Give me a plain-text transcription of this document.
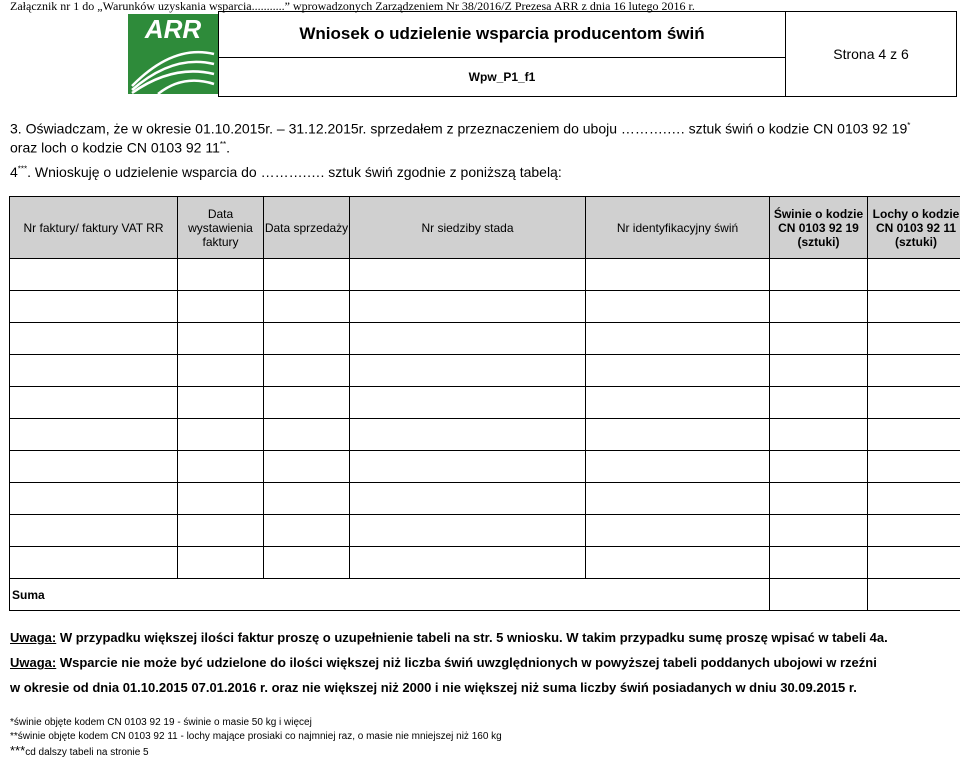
Załącznik nr 1 do „Warunków uzyskania wsparcia...........” wprowadzonych Zarządzeniem Nr 38/2016/Z Prezesa ARR z dnia 16 lutego 2016 r.
ARR	Wniosek o udzielenie wsparcia producentom świń
Wpw_P1_f1
Strona 4 z 6
3. Oświadczam, że w okresie 01.10.2015r. – 31.12.2015r. sprzedałem z przeznaczeniem do uboju ……….…. sztuk świń o kodzie CN 0103 92 19*
oraz loch o kodzie CN 0103 92 11**.
4***. Wnioskuję o udzielenie wsparcia do ……….…. sztuk świń zgodnie z poniższą tabelą:
Nr faktury/ faktury VAT RR	Data wystawienia faktury	Data sprzedaży	Nr siedziby stada	Nr identyfikacyjny świń	Świnie o kodzie CN 0103 92 19 (sztuki)	Lochy o kodzie CN 0103 92 11 (sztuki)

Suma						
Uwaga: W przypadku większej ilości faktur proszę o uzupełnienie tabeli na str. 5 wniosku. W takim przypadku sumę proszę wpisać w tabeli 4a.
Uwaga: Wsparcie nie może być udzielone do ilości większej niż liczba świń uwzględnionych w powyższej tabeli poddanych ubojowi w rzeźni
w okresie od dnia 01.10.2015 07.01.2016 r. oraz nie większej niż 2000 i nie większej niż suma liczby świń posiadanych w dniu 30.09.2015 r.
*świnie objęte kodem CN 0103 92 19 - świnie o masie 50 kg i więcej
**świnie objęte kodem CN 0103 92 11 - lochy mające prosiaki co najmniej raz, o masie nie mniejszej niż 160 kg
***cd dalszy tabeli na stronie 5
